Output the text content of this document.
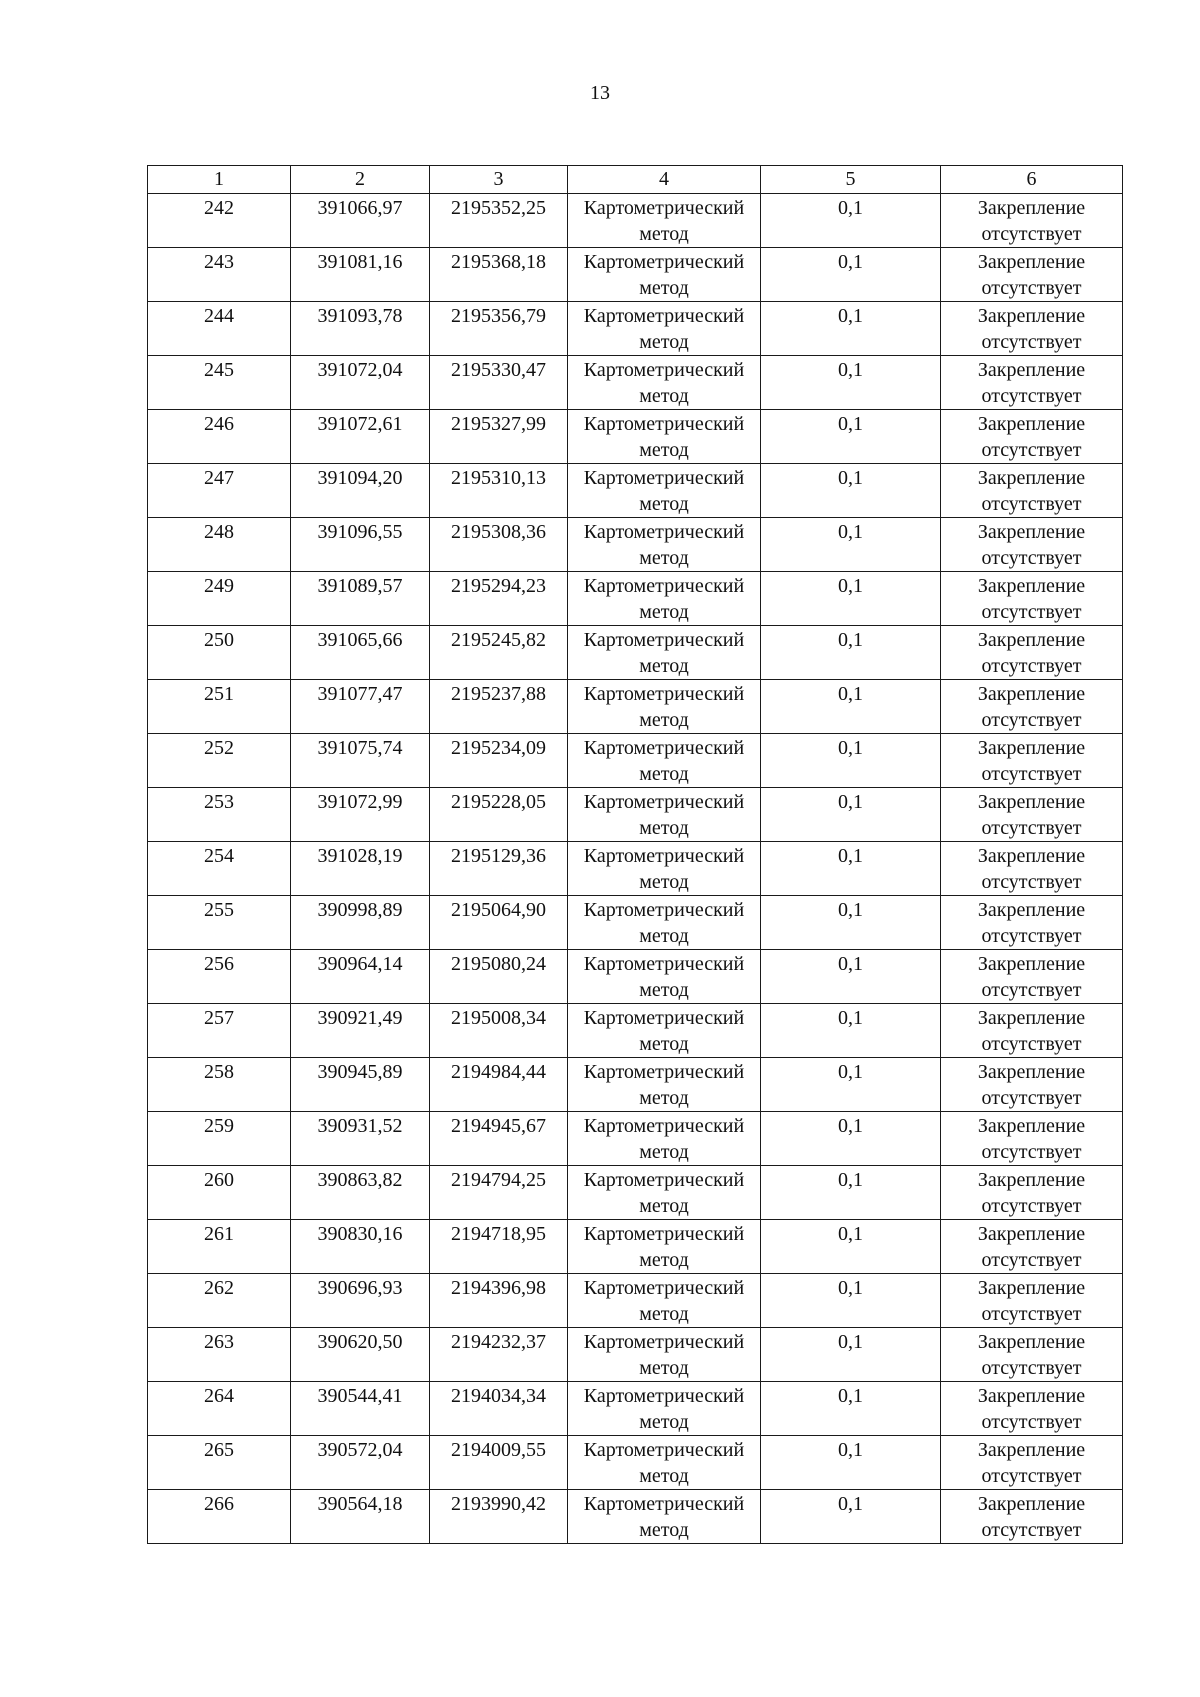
13
1	2	3	4	5	6

242	391066,97	2195352,25	Картометрический метод	0,1	Закрепление отсутствует

243	391081,16	2195368,18	Картометрический метод	0,1	Закрепление отсутствует

244	391093,78	2195356,79	Картометрический метод	0,1	Закрепление отсутствует

245	391072,04	2195330,47	Картометрический метод	0,1	Закрепление отсутствует

246	391072,61	2195327,99	Картометрический метод	0,1	Закрепление отсутствует

247	391094,20	2195310,13	Картометрический метод	0,1	Закрепление отсутствует

248	391096,55	2195308,36	Картометрический метод	0,1	Закрепление отсутствует

249	391089,57	2195294,23	Картометрический метод	0,1	Закрепление отсутствует

250	391065,66	2195245,82	Картометрический метод	0,1	Закрепление отсутствует

251	391077,47	2195237,88	Картометрический метод	0,1	Закрепление отсутствует

252	391075,74	2195234,09	Картометрический метод	0,1	Закрепление отсутствует

253	391072,99	2195228,05	Картометрический метод	0,1	Закрепление отсутствует

254	391028,19	2195129,36	Картометрический метод	0,1	Закрепление отсутствует

255	390998,89	2195064,90	Картометрический метод	0,1	Закрепление отсутствует

256	390964,14	2195080,24	Картометрический метод	0,1	Закрепление отсутствует

257	390921,49	2195008,34	Картометрический метод	0,1	Закрепление отсутствует

258	390945,89	2194984,44	Картометрический метод	0,1	Закрепление отсутствует

259	390931,52	2194945,67	Картометрический метод	0,1	Закрепление отсутствует

260	390863,82	2194794,25	Картометрический метод	0,1	Закрепление отсутствует

261	390830,16	2194718,95	Картометрический метод	0,1	Закрепление отсутствует

262	390696,93	2194396,98	Картометрический метод	0,1	Закрепление отсутствует

263	390620,50	2194232,37	Картометрический метод	0,1	Закрепление отсутствует

264	390544,41	2194034,34	Картометрический метод	0,1	Закрепление отсутствует

265	390572,04	2194009,55	Картометрический метод	0,1	Закрепление отсутствует

266	390564,18	2193990,42	Картометрический метод	0,1	Закрепление отсутствует
